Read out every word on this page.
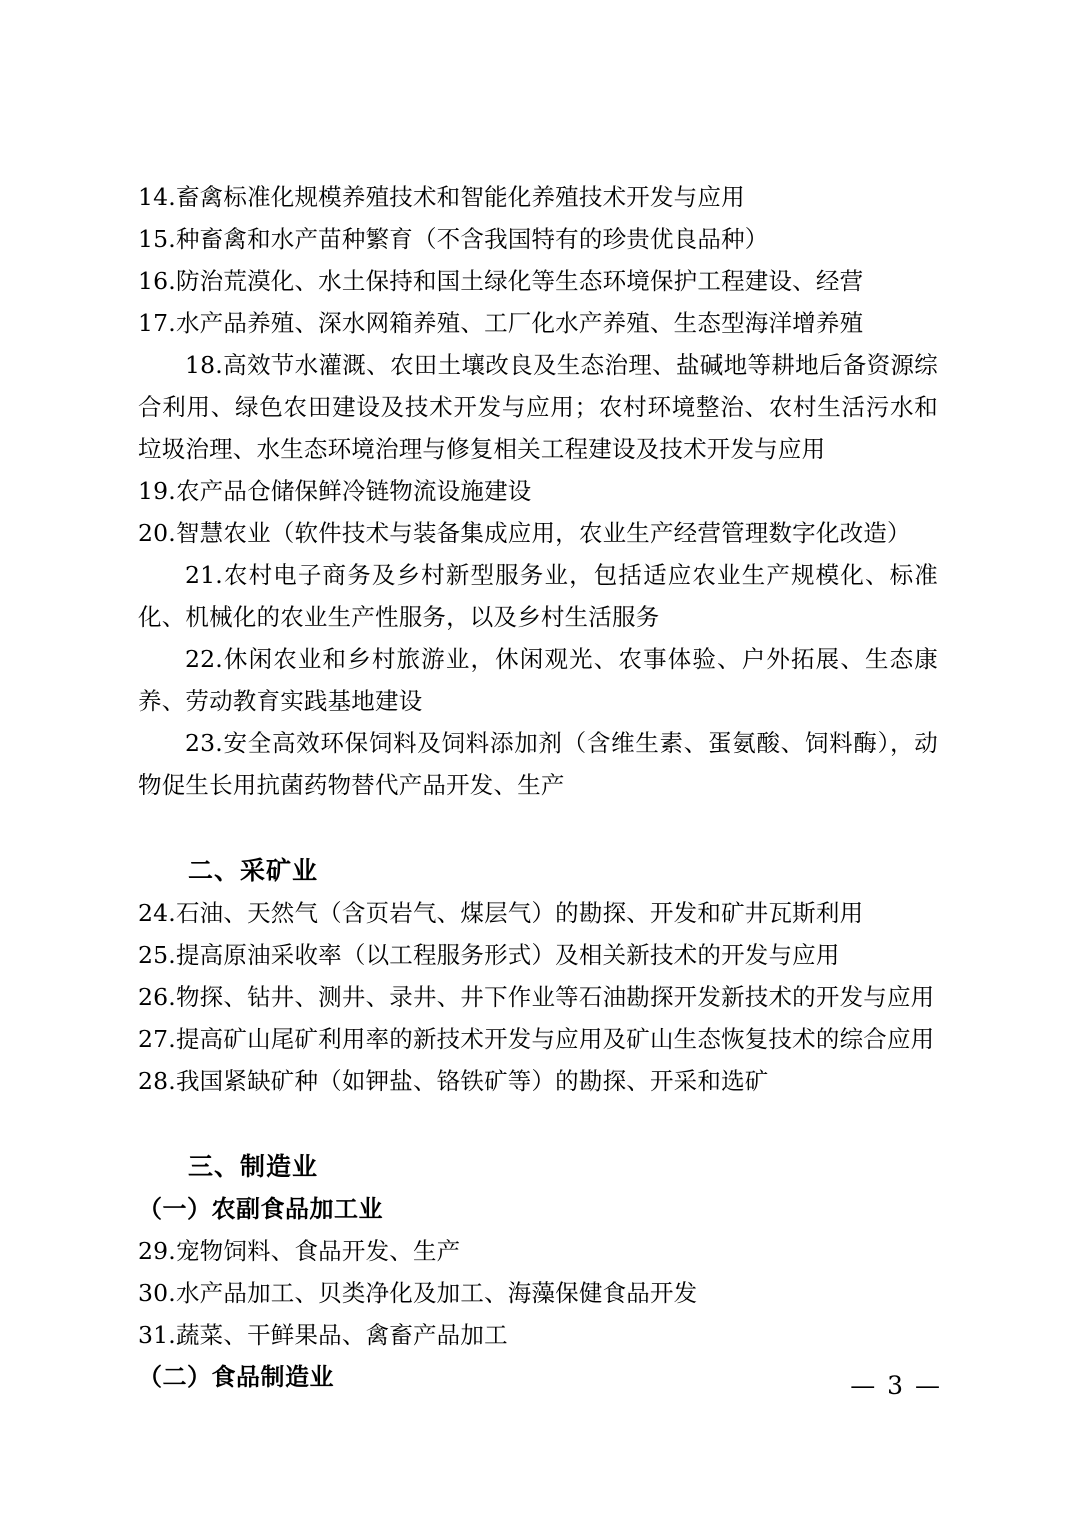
14.畜禽标准化规模养殖技术和智能化养殖技术开发与应用
15.种畜禽和水产苗种繁育（不含我国特有的珍贵优良品种）
16.防治荒漠化、水土保持和国土绿化等生态环境保护工程建设、经营
17.水产品养殖、深水网箱养殖、工厂化水产养殖、生态型海洋增养殖
18.高效节水灌溉、农田土壤改良及生态治理、盐碱地等耕地后备资源综合利用、绿色农田建设及技术开发与应用；农村环境整治、农村生活污水和垃圾治理、水生态环境治理与修复相关工程建设及技术开发与应用
19.农产品仓储保鲜冷链物流设施建设
20.智慧农业（软件技术与装备集成应用，农业生产经营管理数字化改造）
21.农村电子商务及乡村新型服务业，包括适应农业生产规模化、标准化、机械化的农业生产性服务，以及乡村生活服务
22.休闲农业和乡村旅游业，休闲观光、农事体验、户外拓展、生态康养、劳动教育实践基地建设
23.安全高效环保饲料及饲料添加剂（含维生素、蛋氨酸、饲料酶），动物促生长用抗菌药物替代产品开发、生产
二、采矿业
24.石油、天然气（含页岩气、煤层气）的勘探、开发和矿井瓦斯利用
25.提高原油采收率（以工程服务形式）及相关新技术的开发与应用
26.物探、钻井、测井、录井、井下作业等石油勘探开发新技术的开发与应用
27.提高矿山尾矿利用率的新技术开发与应用及矿山生态恢复技术的综合应用
28.我国紧缺矿种（如钾盐、铬铁矿等）的勘探、开采和选矿
三、制造业
（一）农副食品加工业
29.宠物饲料、食品开发、生产
30.水产品加工、贝类净化及加工、海藻保健食品开发
31.蔬菜、干鲜果品、禽畜产品加工
（二）食品制造业	— 3 —
